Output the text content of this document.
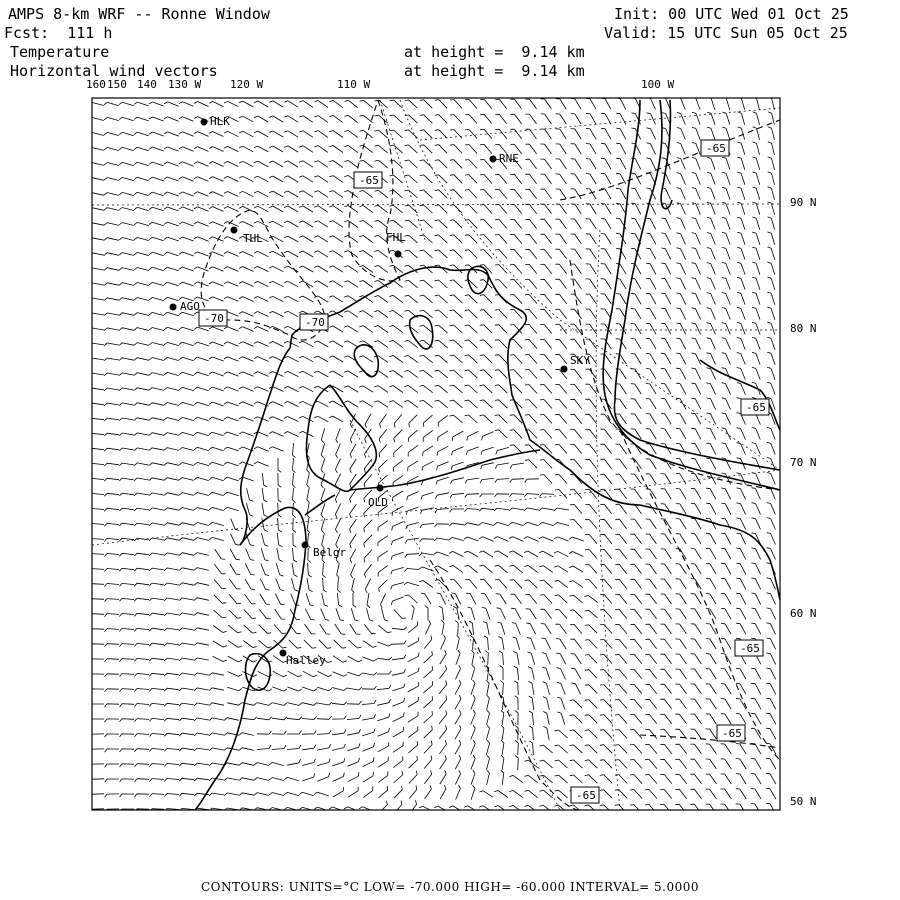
AMPS 8-km WRF -- Ronne Window
Fcst:  111 h
Init: 00 UTC Wed 01 Oct 25
Valid: 15 UTC Sun 05 Oct 25
Temperature
Horizontal wind vectors
at height =  9.14 km
at height =  9.14 km
160 150 140 130 W	120 W	110 W	100 W
90 N
80 N
70 N
60 N
50 N
HLK
RNE
THL	FHL
AGO
SKY
OLD
Belgr
Halley
-65
-65
-70	-70
-65
-65
-65
-65
CONTOURS: UNITS=°C LOW= -70.000 HIGH= -60.000 INTERVAL= 5.0000
